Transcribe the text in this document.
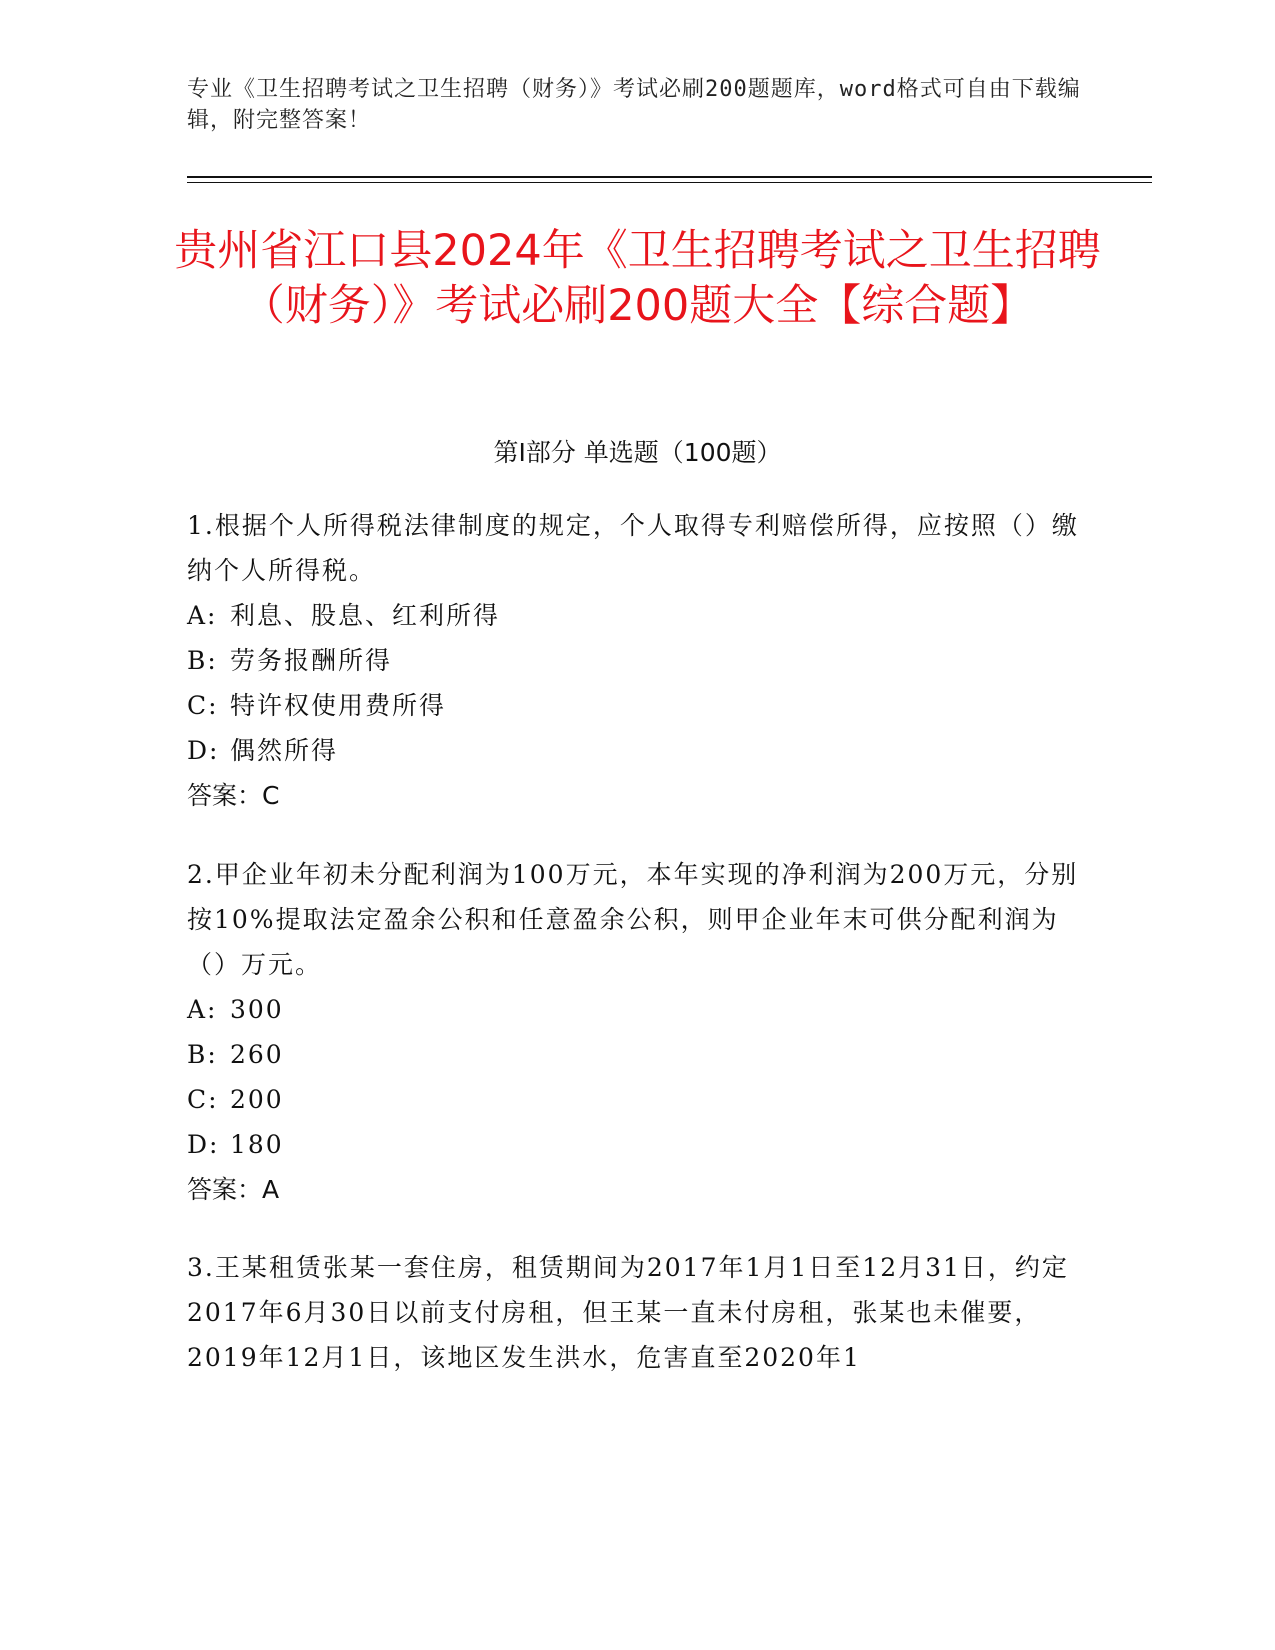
专业《卫生招聘考试之卫生招聘（财务）》考试必刷200题题库，word格式可自由下载编辑，附完整答案！
贵州省江口县2024年《卫生招聘考试之卫生招聘（财务）》考试必刷200题大全【综合题】
第I部分 单选题（100题）

1.根据个人所得税法律制度的规定，个人取得专利赔偿所得，应按照（）缴纳个人所得税。

A: 利息、股息、红利所得
B: 劳务报酬所得
C: 特许权使用费所得
D: 偶然所得

答案：C

2.甲企业年初未分配利润为100万元，本年实现的净利润为200万元，分别按10%提取法定盈余公积和任意盈余公积，则甲企业年末可供分配利润为（）万元。

A: 300
B: 260
C: 200
D: 180

答案：A

3.王某租赁张某一套住房，租赁期间为2017年1月1日至12月31日，约定2017年6月30日以前支付房租，但王某一直未付房租，张某也未催要，2019年12月1日，该地区发生洪水，危害直至2020年1
